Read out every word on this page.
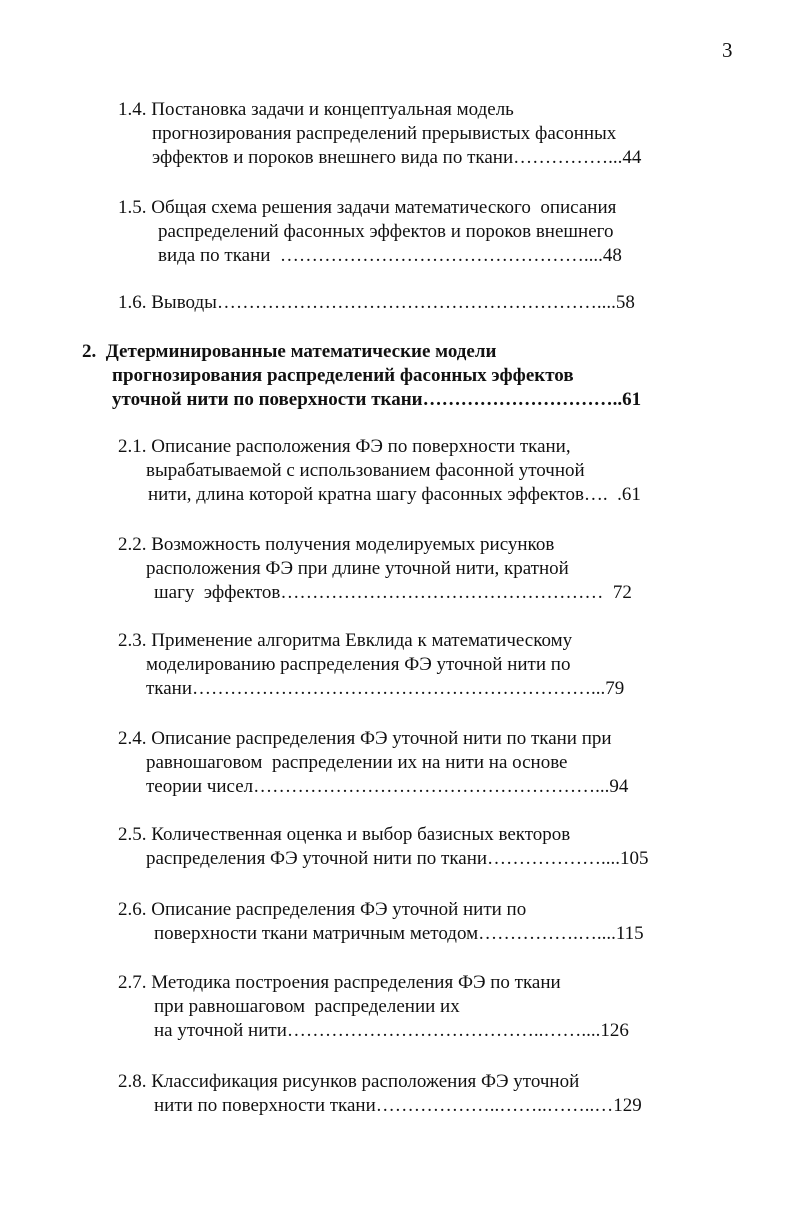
3
1.4. Постановка задачи и концептуальная модель
прогнозирования распределений прерывистых фасонных
эффектов и пороков внешнего вида по ткани……………...44
1.5. Общая схема решения задачи математического  описания
распределений фасонных эффектов и пороков внешнего
вида по ткани  …………………………………………....48
1.6. Выводы……………………………………………………....58
2.  Детерминированные математические модели
прогнозирования распределений фасонных эффектов
уточной нити по поверхности ткани…………………………..61
2.1. Описание расположения ФЭ по поверхности ткани,
вырабатываемой с использованием фасонной уточной
нити, длина которой кратна шагу фасонных эффектов….  .61
2.2. Возможность получения моделируемых рисунков
расположения ФЭ при длине уточной нити, кратной
шагу  эффектов……………………………………………  72
2.3. Применение алгоритма Евклида к математическому
моделированию распределения ФЭ уточной нити по
ткани………………………………………………………...79
2.4. Описание распределения ФЭ уточной нити по ткани при
равношаговом  распределении их на нити на основе
теории чисел………………………………………………...94
2.5. Количественная оценка и выбор базисных векторов
распределения ФЭ уточной нити по ткани………………....105
2.6. Описание распределения ФЭ уточной нити по
поверхности ткани матричным методом…………….…....115
2.7. Методика построения распределения ФЭ по ткани
при равношаговом  распределении их
на уточной нити…………………………………..……....126
2.8. Классификация рисунков расположения ФЭ уточной
нити по поверхности ткани………………..……..……..…129
